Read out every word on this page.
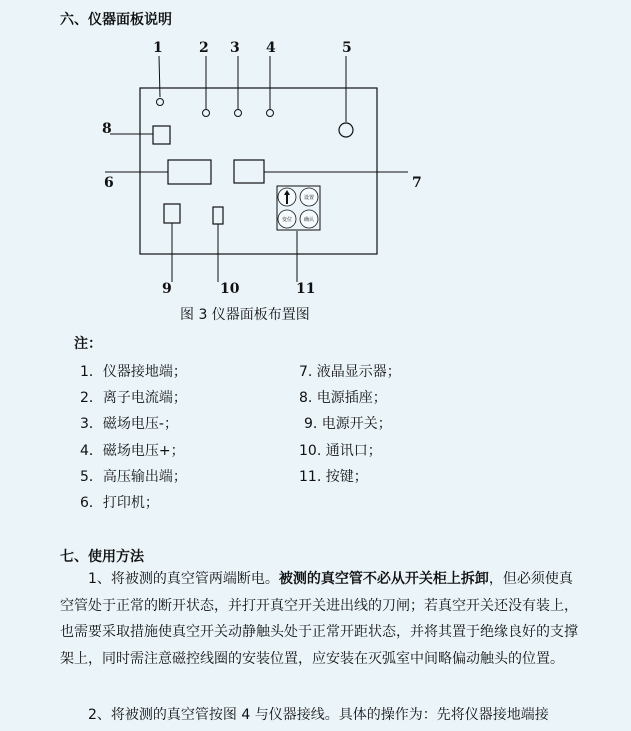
六、仪器面板说明
设置
变位 确认
1	2 3 4	5
8
6	7
9	10	11
图 3 仪器面板布置图
注：
1．仪器接地端；
2．离子电流端；
3．磁场电压-；
4．磁场电压+；
5．高压输出端；
6．打印机；
7. 液晶显示器；
8. 电源插座；
9. 电源开关；
10. 通讯口；
11. 按键；
七、使用方法
1、将被测的真空管两端断电。被测的真空管不必从开关柜上拆卸，但必须使真空管处于正常的断开状态，并打开真空开关进出线的刀闸；若真空开关还没有装上，也需要采取措施使真空开关动静触头处于正常开距状态，并将其置于绝缘良好的支撑架上，同时需注意磁控线圈的安装位置，应安装在灭弧室中间略偏动触头的位置。
2、将被测的真空管按图 4 与仪器接线。具体的操作为：先将仪器接地端接
